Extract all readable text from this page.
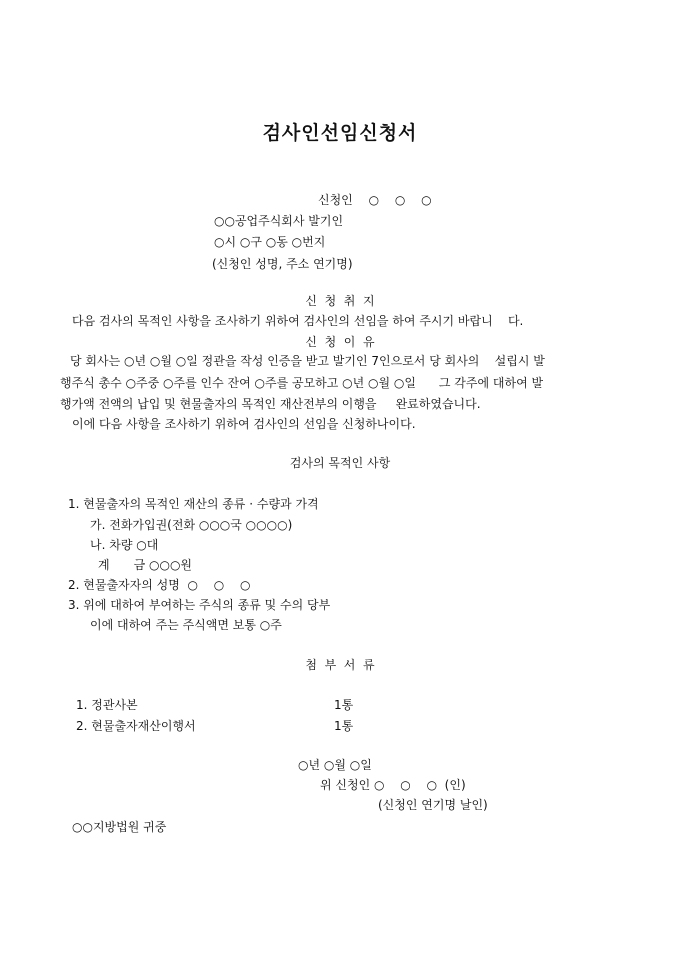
검사인선임신청서
신청인　 ○　 ○　 ○
○○공업주식회사 발기인
○시 ○구 ○동 ○번지
(신청인 성명, 주소 연기명)
신  청  취  지
다음 검사의 목적인 사항을 조사하기 위하여 검사인의 선임을 하여 주시기 바랍니    다.
신  청  이  유
당 회사는 ○년 ○월 ○일 정관을 작성 인증을 받고 발기인 7인으로서 당 회사의    설립시 발
행주식 총수 ○주중 ○주를 인수 잔여 ○주를 공모하고 ○년 ○월 ○일      그 각주에 대하여 발
행가액 전액의 납입 및 현물출자의 목적인 재산전부의 이행을     완료하였습니다.
이에 다음 사항을 조사하기 위하여 검사인의 선임을 신청하나이다.
검사의 목적인 사항
1. 현물출자의 목적인 재산의 종류 · 수량과 가격
가. 전화가입권(전화 ○○○국 ○○○○)
나. 차량 ○대
계　　금 ○○○원
2. 현물출자자의 성명  ○　 ○　 ○
3. 위에 대하여 부여하는 주식의 종류 및 수의 당부
이에 대하여 주는 주식액면 보통 ○주
첨  부  서  류
1. 정관사본	1통
2. 현물출자재산이행서	1통
○년 ○월 ○일
위 신청인 ○　 ○　 ○  (인)
(신청인 연기명 날인)
○○지방법원 귀중
